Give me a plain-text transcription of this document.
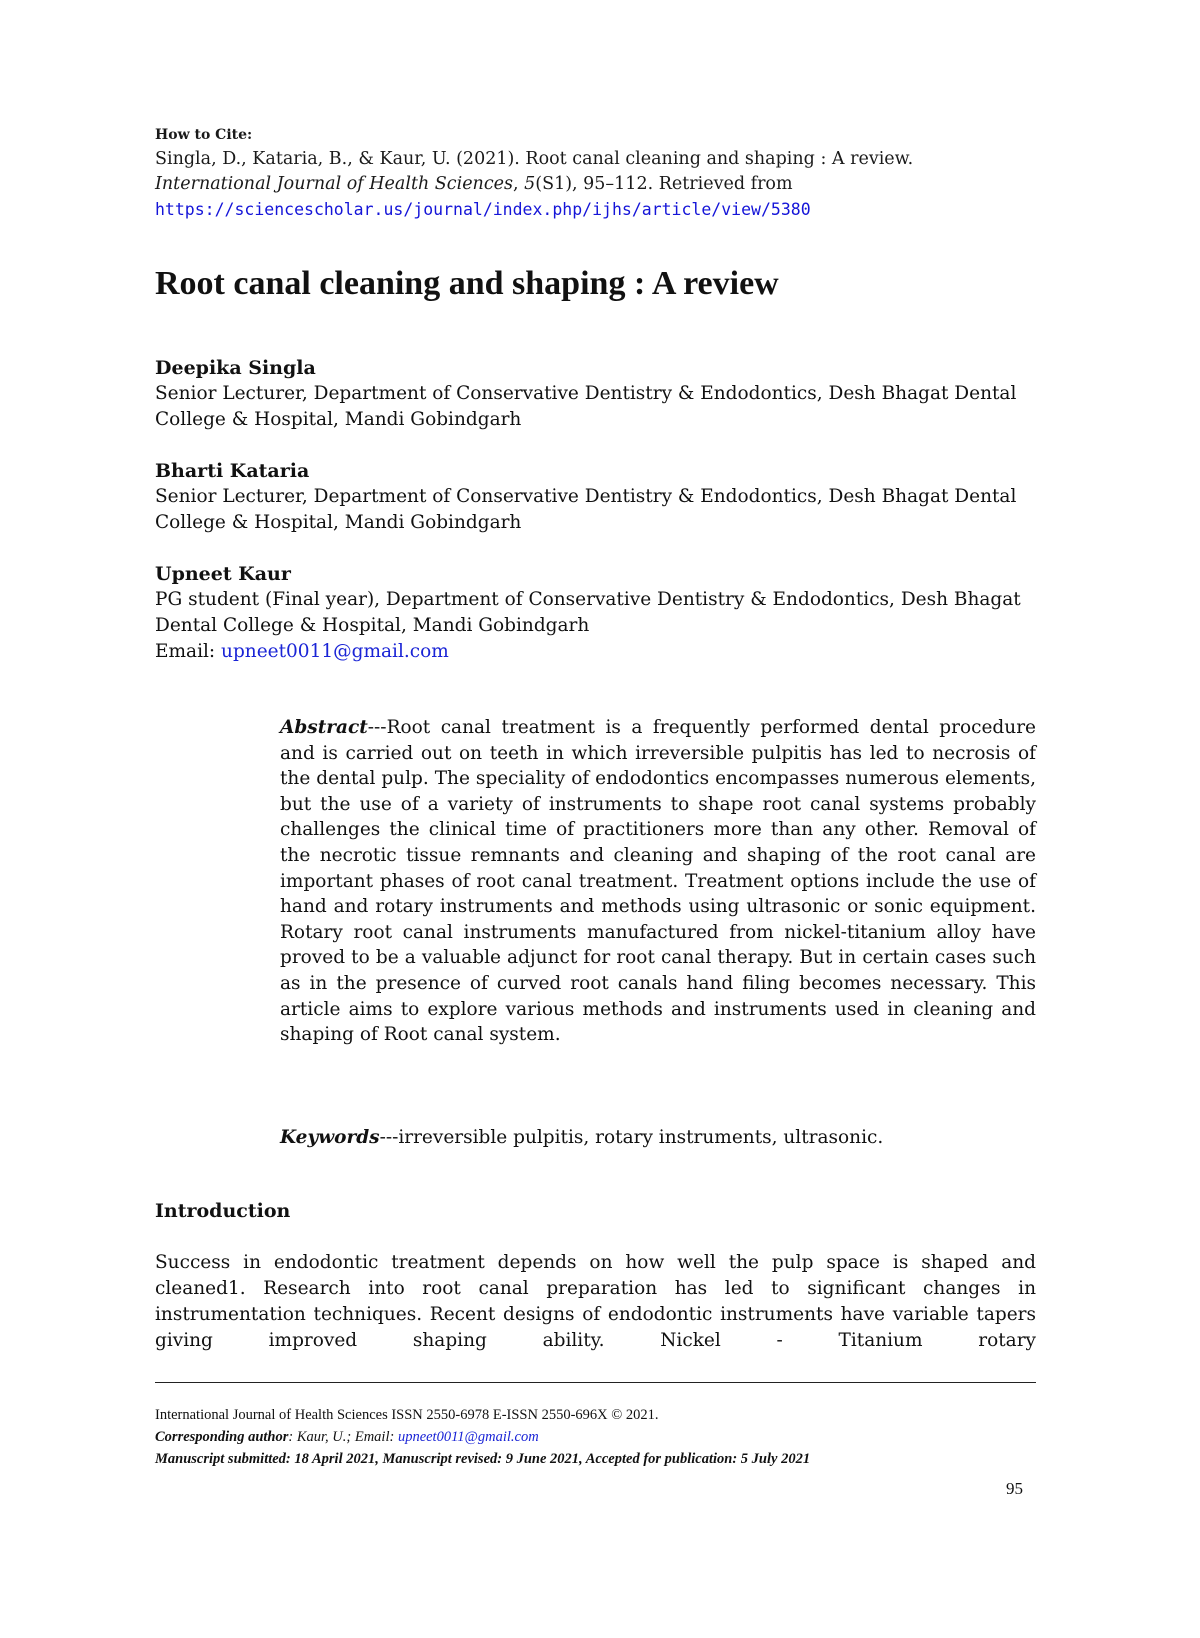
How to Cite:
Singla, D., Kataria, B., & Kaur, U. (2021). Root canal cleaning and shaping : A review. International Journal of Health Sciences, 5(S1), 95–112. Retrieved from
https://sciencescholar.us/journal/index.php/ijhs/article/view/5380
Root canal cleaning and shaping : A review
Deepika Singla
Senior Lecturer, Department of Conservative Dentistry & Endodontics, Desh Bhagat Dental College & Hospital, Mandi Gobindgarh
Bharti Kataria
Senior Lecturer, Department of Conservative Dentistry & Endodontics, Desh Bhagat Dental College & Hospital, Mandi Gobindgarh
Upneet Kaur
PG student (Final year), Department of Conservative Dentistry & Endodontics, Desh Bhagat Dental College & Hospital, Mandi Gobindgarh
Email: upneet0011@gmail.com
Abstract---Root canal treatment is a frequently performed dental procedure and is carried out on teeth in which irreversible pulpitis has led to necrosis of the dental pulp. The speciality of endodontics encompasses numerous elements, but the use of a variety of instruments to shape root canal systems probably challenges the clinical time of practitioners more than any other. Removal of the necrotic tissue remnants and cleaning and shaping of the root canal are important phases of root canal treatment. Treatment options include the use of hand and rotary instruments and methods using ultrasonic or sonic equipment. Rotary root canal instruments manufactured from nickel-titanium alloy have proved to be a valuable adjunct for root canal therapy. But in certain cases such as in the presence of curved root canals hand filing becomes necessary. This article aims to explore various methods and instruments used in cleaning and shaping of Root canal system.
Keywords---irreversible pulpitis, rotary instruments, ultrasonic.
Introduction
Success in endodontic treatment depends on how well the pulp space is shaped and cleaned1. Research into root canal preparation has led to significant changes in instrumentation techniques. Recent designs of endodontic instruments have variable tapers giving improved shaping ability. Nickel - Titanium rotary
International Journal of Health Sciences ISSN 2550-6978 E-ISSN 2550-696X © 2021.
Corresponding author: Kaur, U.; Email: upneet0011@gmail.com
Manuscript submitted: 18 April 2021, Manuscript revised: 9 June 2021, Accepted for publication: 5 July 2021
95
